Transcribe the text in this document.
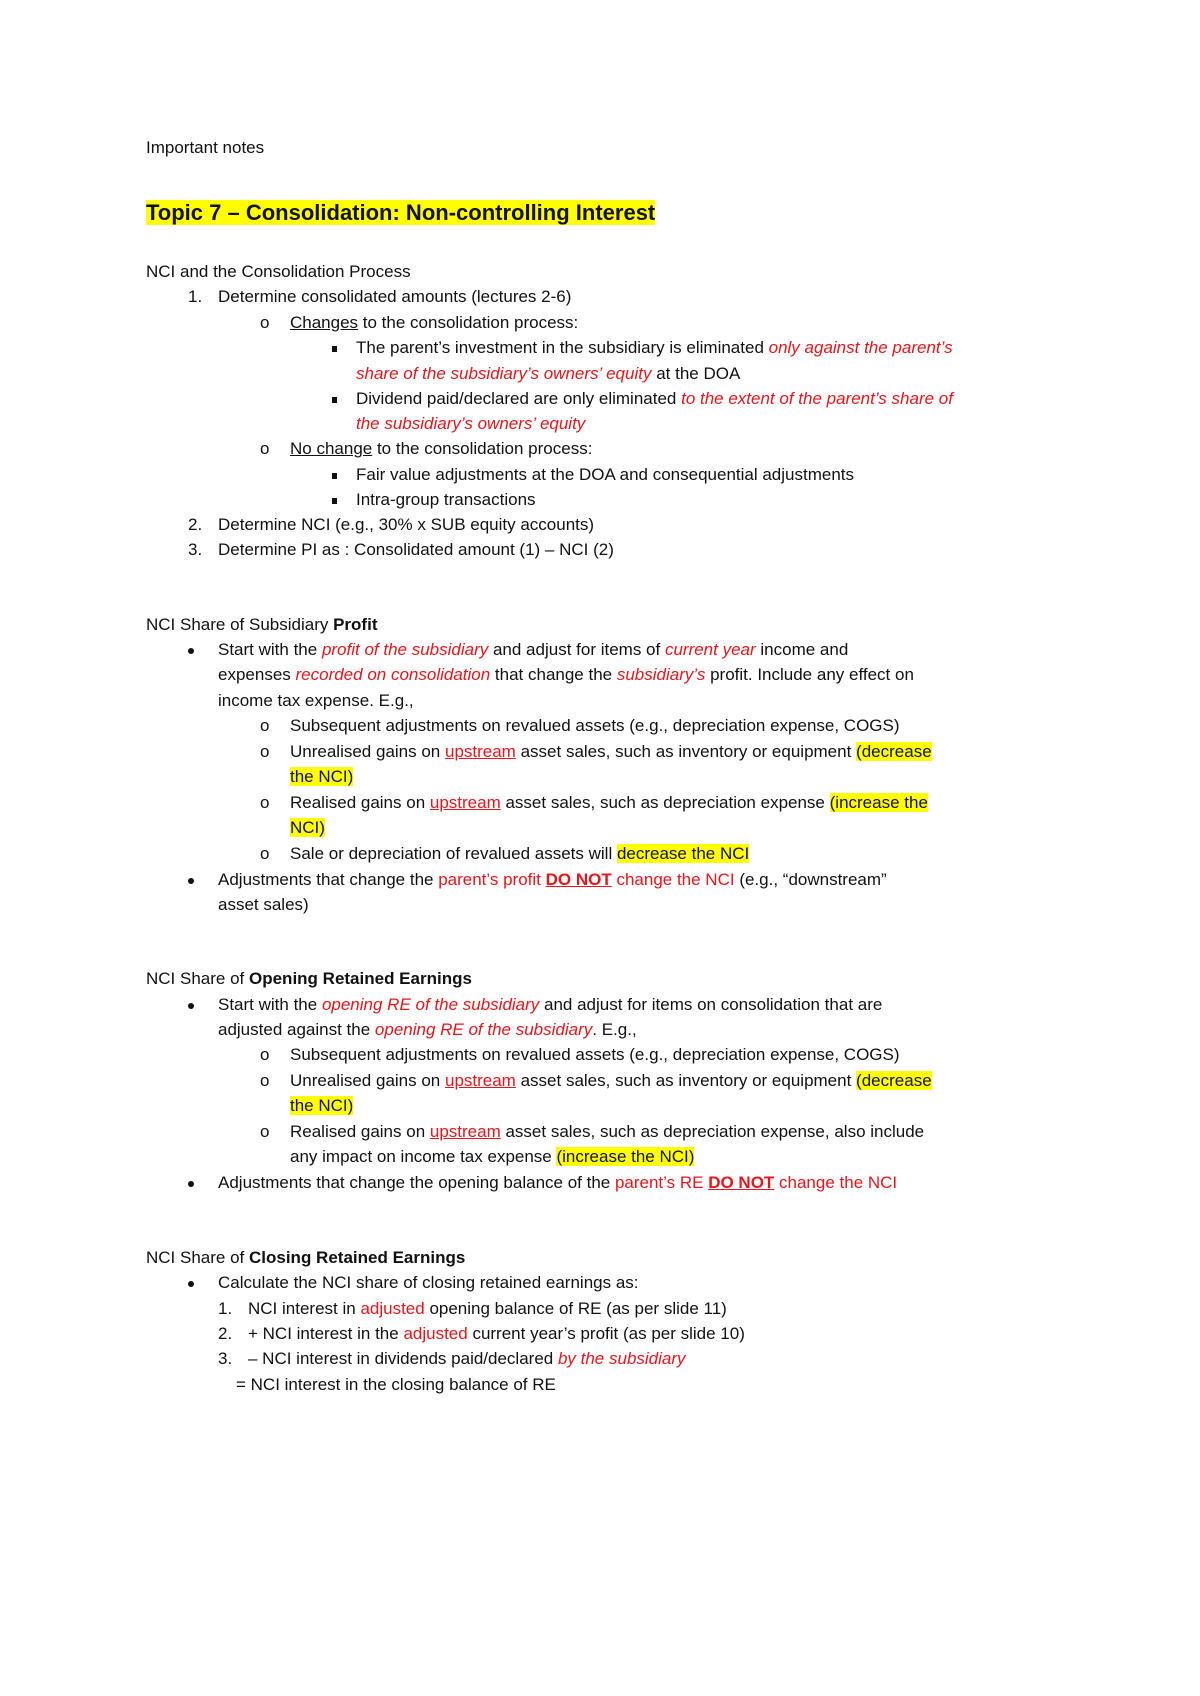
Important notes
Topic 7 – Consolidation: Non-controlling Interest
NCI and the Consolidation Process
1. Determine consolidated amounts (lectures 2-6)
o Changes to the consolidation process:
The parent’s investment in the subsidiary is eliminated only against the parent’s
share of the subsidiary’s owners’ equity at the DOA
Dividend paid/declared are only eliminated to the extent of the parent’s share of
the subsidiary’s owners’ equity
o No change to the consolidation process:
Fair value adjustments at the DOA and consequential adjustments
Intra-group transactions
2. Determine NCI (e.g., 30% x SUB equity accounts)
3. Determine PI as : Consolidated amount (1) – NCI (2)
NCI Share of Subsidiary Profit
Start with the profit of the subsidiary and adjust for items of current year income and
expenses recorded on consolidation that change the subsidiary’s profit. Include any effect on
income tax expense. E.g.,
o Subsequent adjustments on revalued assets (e.g., depreciation expense, COGS)
o Unrealised gains on upstream asset sales, such as inventory or equipment (decrease
the NCI)
o Realised gains on upstream asset sales, such as depreciation expense (increase the
NCI)
o Sale or depreciation of revalued assets will decrease the NCI
Adjustments that change the parent’s profit DO NOT change the NCI (e.g., “downstream”
asset sales)
NCI Share of Opening Retained Earnings
Start with the opening RE of the subsidiary and adjust for items on consolidation that are
adjusted against the opening RE of the subsidiary. E.g.,
o Subsequent adjustments on revalued assets (e.g., depreciation expense, COGS)
o Unrealised gains on upstream asset sales, such as inventory or equipment (decrease
the NCI)
o Realised gains on upstream asset sales, such as depreciation expense, also include
any impact on income tax expense (increase the NCI)
Adjustments that change the opening balance of the parent’s RE DO NOT change the NCI
NCI Share of Closing Retained Earnings
Calculate the NCI share of closing retained earnings as:
1. NCI interest in adjusted opening balance of RE (as per slide 11)
2. + NCI interest in the adjusted current year’s profit (as per slide 10)
3. – NCI interest in dividends paid/declared by the subsidiary
= NCI interest in the closing balance of RE
